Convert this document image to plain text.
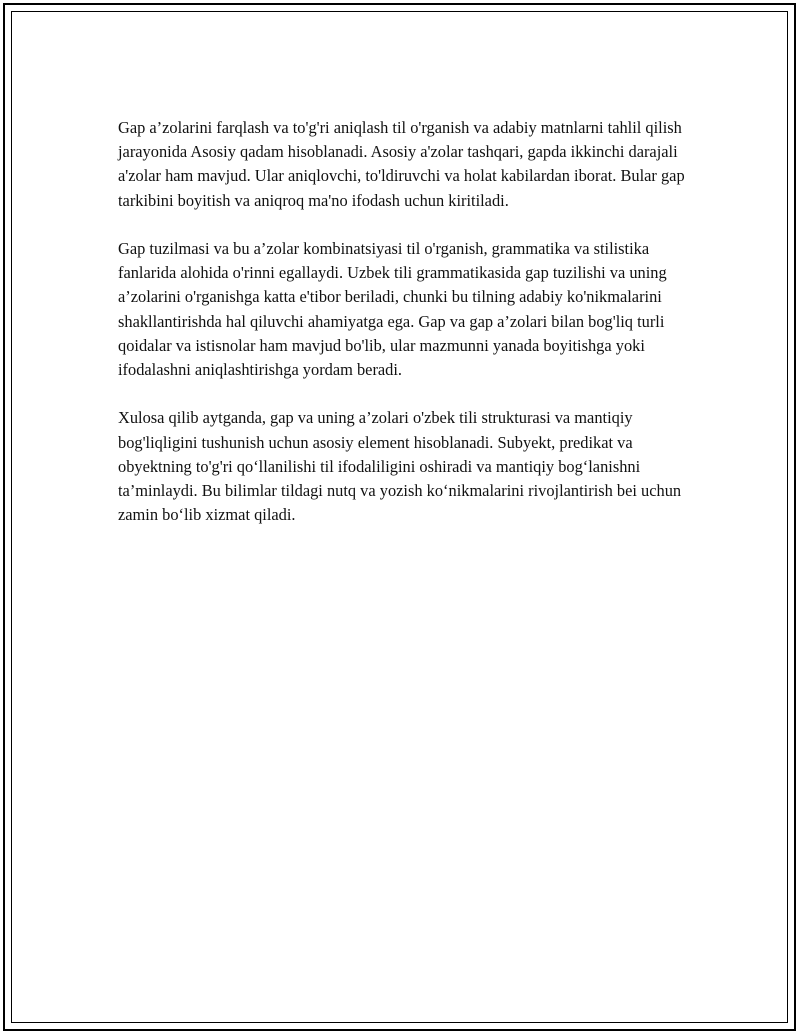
Gap a’zolarini farqlash va to'g'ri aniqlash til o'rganish va adabiy matnlarni tahlil qilish jarayonida Asosiy qadam hisoblanadi. Asosiy a'zolar tashqari, gapda ikkinchi darajali a'zolar ham mavjud. Ular aniqlovchi, to'ldiruvchi va holat kabilardan iborat. Bular gap tarkibini boyitish va aniqroq ma'no ifodash uchun kiritiladi.

Gap tuzilmasi va bu a’zolar kombinatsiyasi til o'rganish, grammatika va stilistika fanlarida alohida o'rinni egallaydi. Uzbek tili grammatikasida gap tuzilishi va uning a’zolarini o'rganishga katta e'tibor beriladi, chunki bu tilning adabiy ko'nikmalarini shakllantirishda hal qiluvchi ahamiyatga ega. Gap va gap a’zolari bilan bog'liq turli qoidalar va istisnolar ham mavjud bo'lib, ular mazmunni yanada boyitishga yoki ifodalashni aniqlashtirishga yordam beradi.

Xulosa qilib aytganda, gap va uning a’zolari o'zbek tili strukturasi va mantiqiy bog'liqligini tushunish uchun asosiy element hisoblanadi. Subyekt, predikat va obyektning to'g'ri qo‘llanilishi til ifodaliligini oshiradi va mantiqiy bog‘lanishni ta’minlaydi. Bu bilimlar tildagi nutq va yozish ko‘nikmalarini rivojlantirish bei uchun zamin bo‘lib xizmat qiladi.
